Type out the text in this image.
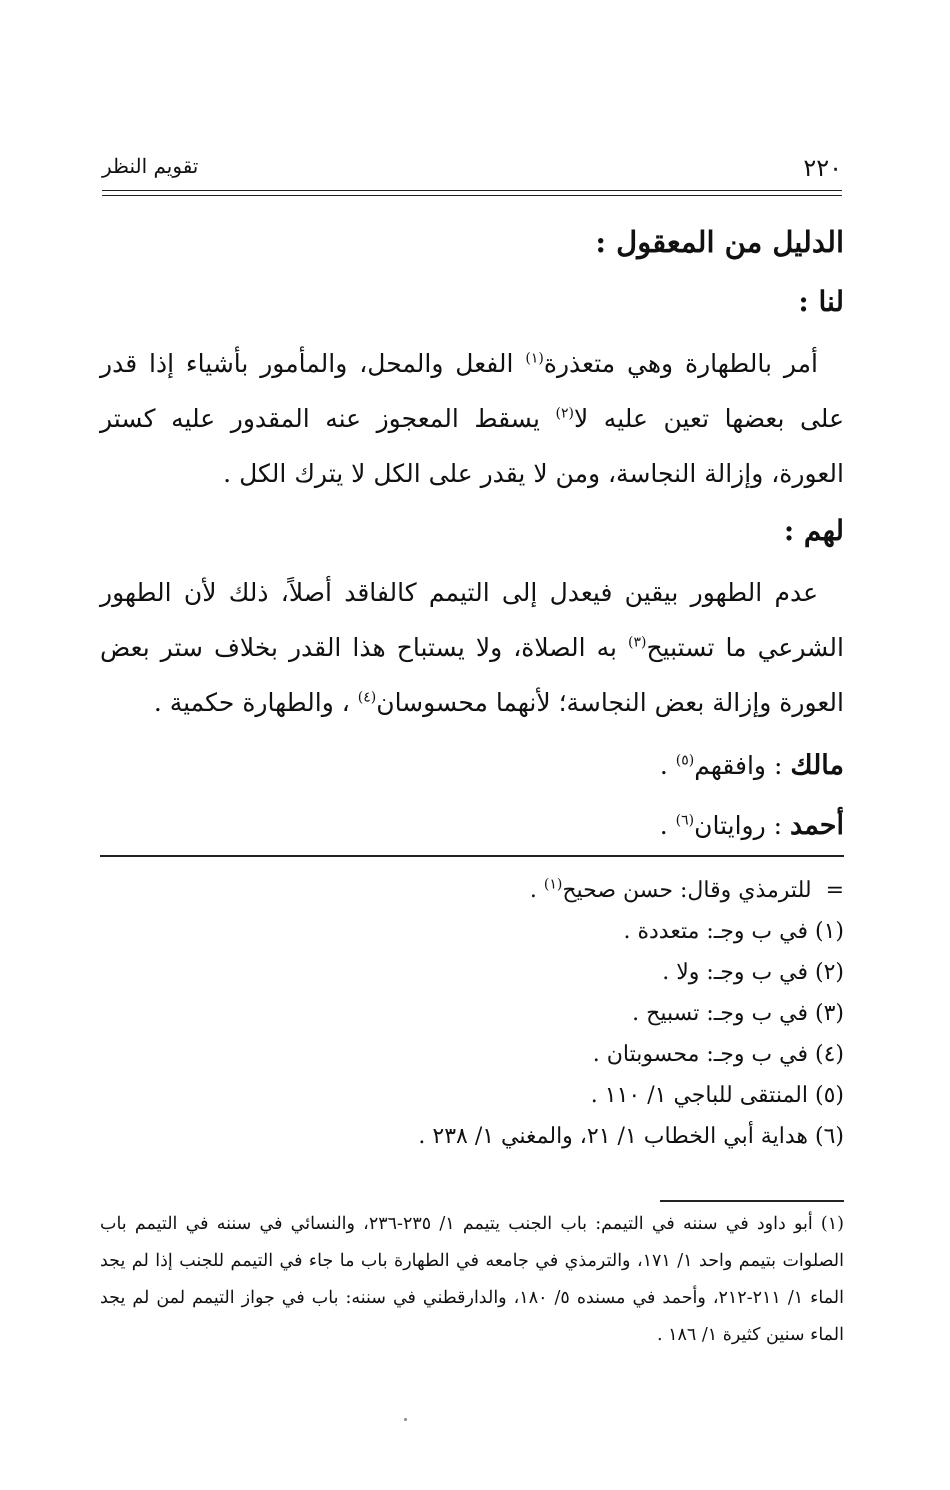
٢٢٠
تقويم النظر
الدليل من المعقول :
لنا :

أمر بالطهارة وهي متعذرة$^{(١)}$ الفعل والمحل، والمأمور بأشياء إذا قدر على بعضها تعين عليه لا$^{(٢)}$ يسقط المعجوز عنه المقدور عليه كستر العورة، وإزالة النجاسة، ومن لا يقدر على الكل لا يترك الكل .

لهم :

عدم الطهور بيقين فيعدل إلى التيمم كالفاقد أصلاً، ذلك لأن الطهور الشرعي ما تستبيح$^{(٣)}$ به الصلاة، ولا يستباح هذا القدر بخلاف ستر بعض العورة وإزالة بعض النجاسة؛ لأنهما محسوسان$^{(٤)}$ ، والطهارة حكمية .

مالك : وافقهم$^{(٥)}$ .

أحمد : روايتان$^{(٦)}$ .

=للترمذي وقال: حسن صحيح$^{(١)}$ .

(١) في ب وجـ: متعددة .

(٢) في ب وجـ: ولا .

(٣) في ب وجـ: تسبيح .

(٤) في ب وجـ: محسوبتان .

(٥) المنتقى للباجي ١/ ١١٠ .

(٦) هداية أبي الخطاب ١/ ٢١، والمغني ١/ ٢٣٨ .

(١) أبو داود في سننه في التيمم: باب الجنب يتيمم ١/ ٢٣٥-٢٣٦، والنسائي في سننه في التيمم باب الصلوات بتيمم واحد ١/ ١٧١، والترمذي في جامعه في الطهارة باب ما جاء في التيمم للجنب إذا لم يجد الماء ١/ ٢١١-٢١٢، وأحمد في مسنده ٥/ ١٨٠، والدارقطني في سننه: باب في جواز التيمم لمن لم يجد الماء سنين كثيرة ١/ ١٨٦ .
